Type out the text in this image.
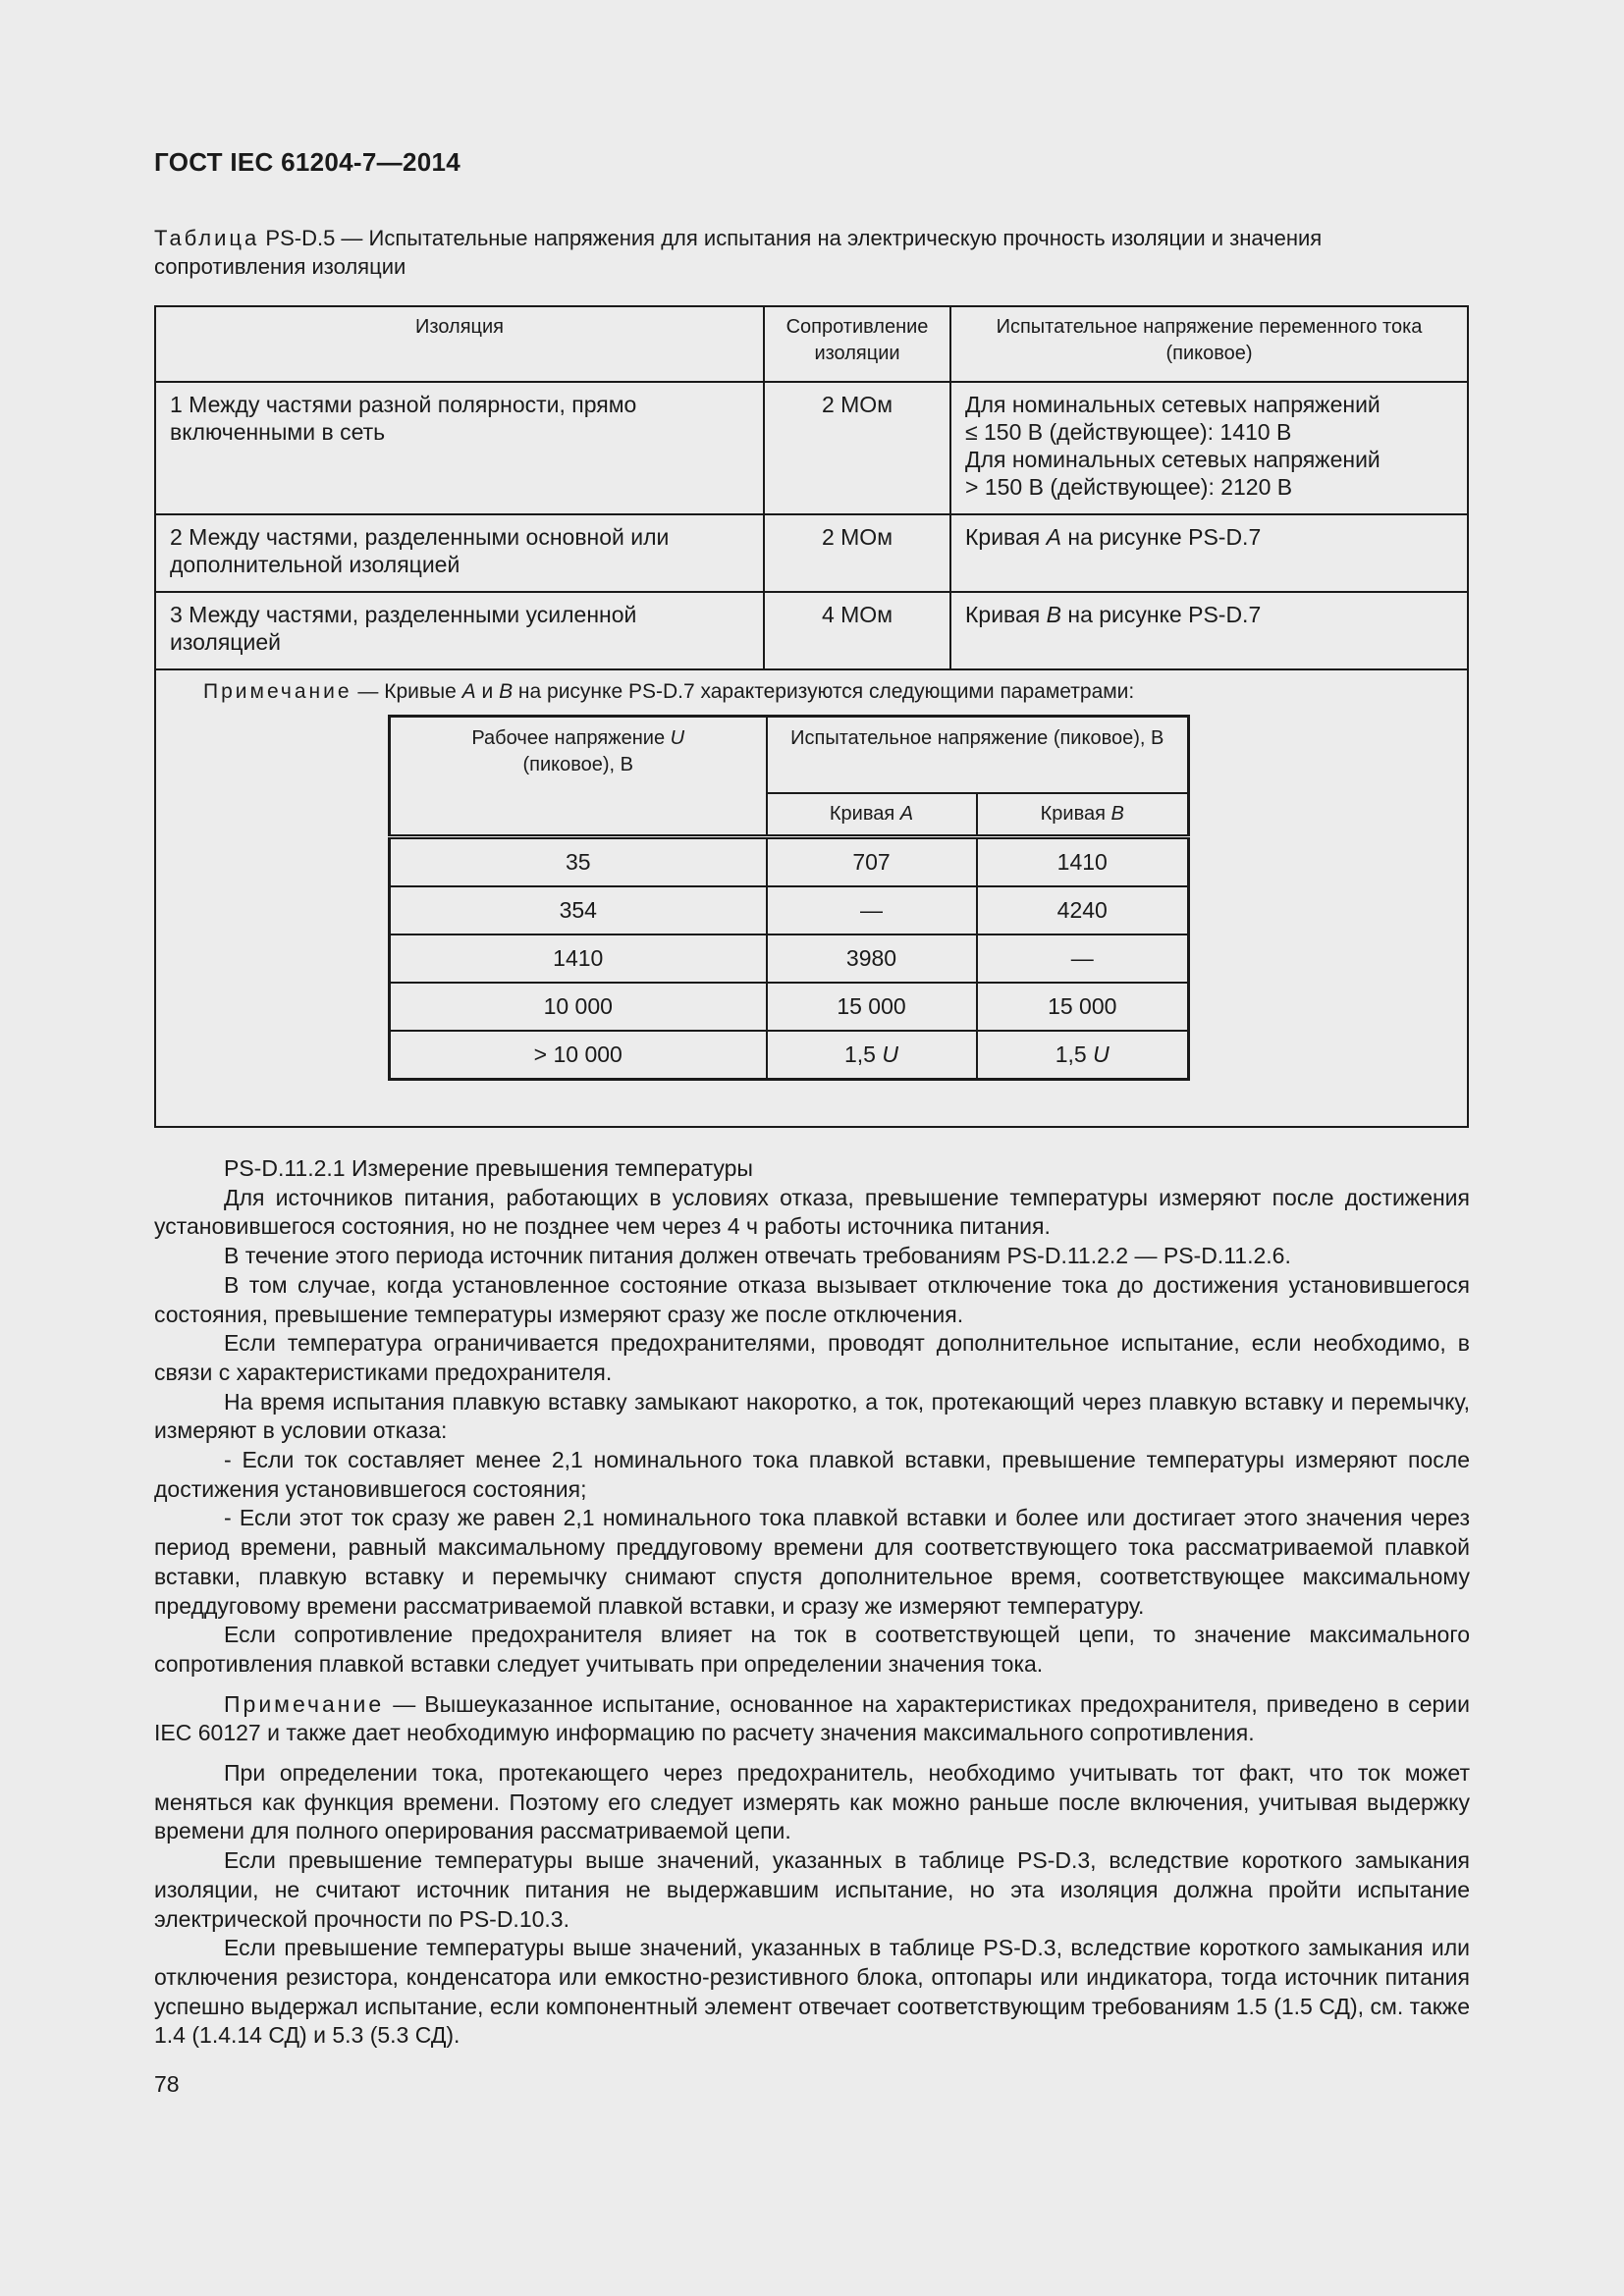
ГОСТ IEC 61204-7—2014
Таблица PS-D.5 — Испытательные напряжения для испытания на электрическую прочность изоляции и значения сопротивления изоляции
Изоляция	Сопротивление изоляции	Испытательное напряжение переменного тока (пиковое)
1 Между частями разной полярности, прямо включенными в сеть	2 МОм	Для номинальных сетевых напряжений
≤ 150 В (действующее): 1410 В
Для номинальных сетевых напряжений
> 150 В (действующее): 2120 В

2 Между частями, разделенными основной или дополнительной изоляцией	2 МОм	Кривая A на рисунке PS-D.7
3 Между частями, разделенными усиленной изоляцией	4 МОм	Кривая B на рисунке PS-D.7
Примечание — Кривые A и B на рисунке PS-D.7 характеризуются следующими параметрами:
Рабочее напряжение U
(пиковое), В	Испытательное напряжение (пиковое), В	
	Кривая A	Кривая B
35	707	1410
354	—	4240
1410	3980	—
10 000	15 000	15 000
> 10 000	1,5 U	1,5 U

PS-D.11.2.1 Измерение превышения температуры

Для источников питания, работающих в условиях отказа, превышение температуры измеряют после достижения установившегося состояния, но не позднее чем через 4 ч работы источника питания.

В течение этого периода источник питания должен отвечать требованиям PS-D.11.2.2 — PS-D.11.2.6.

В том случае, когда установленное состояние отказа вызывает отключение тока до достижения установившегося состояния, превышение температуры измеряют сразу же после отключения.

Если температура ограничивается предохранителями, проводят дополнительное испытание, если необходимо, в связи с характеристиками предохранителя.

На время испытания плавкую вставку замыкают накоротко, а ток, протекающий через плавкую вставку и перемычку, измеряют в условии отказа:

- Если ток составляет менее 2,1 номинального тока плавкой вставки, превышение температуры измеряют после достижения установившегося состояния;

- Если этот ток сразу же равен 2,1 номинального тока плавкой вставки и более или достигает этого значения через период времени, равный максимальному преддуговому времени для соответствующего тока рассматриваемой плавкой вставки, плавкую вставку и перемычку снимают спустя дополнительное время, соответствующее максимальному преддуговому времени рассматриваемой плавкой вставки, и сразу же измеряют температуру.

Если сопротивление предохранителя влияет на ток в соответствующей цепи, то значение максимального сопротивления плавкой вставки следует учитывать при определении значения тока.

Примечание — Вышеуказанное испытание, основанное на характеристиках предохранителя, приведено в серии IEC 60127 и также дает необходимую информацию по расчету значения максимального сопротивления.

При определении тока, протекающего через предохранитель, необходимо учитывать тот факт, что ток может меняться как функция времени. Поэтому его следует измерять как можно раньше после включения, учитывая выдержку времени для полного оперирования рассматриваемой цепи.

Если превышение температуры выше значений, указанных в таблице PS-D.3, вследствие короткого замыкания изоляции, не считают источник питания не выдержавшим испытание, но эта изоляция должна пройти испытание электрической прочности по PS-D.10.3.

Если превышение температуры выше значений, указанных в таблице PS-D.3, вследствие короткого замыкания или отключения резистора, конденсатора или емкостно-резистивного блока, оптопары или индикатора, тогда источник питания успешно выдержал испытание, если компонентный элемент отвечает соответствующим требованиям 1.5 (1.5 СД), см. также 1.4 (1.4.14 СД) и 5.3 (5.3 СД).

78
